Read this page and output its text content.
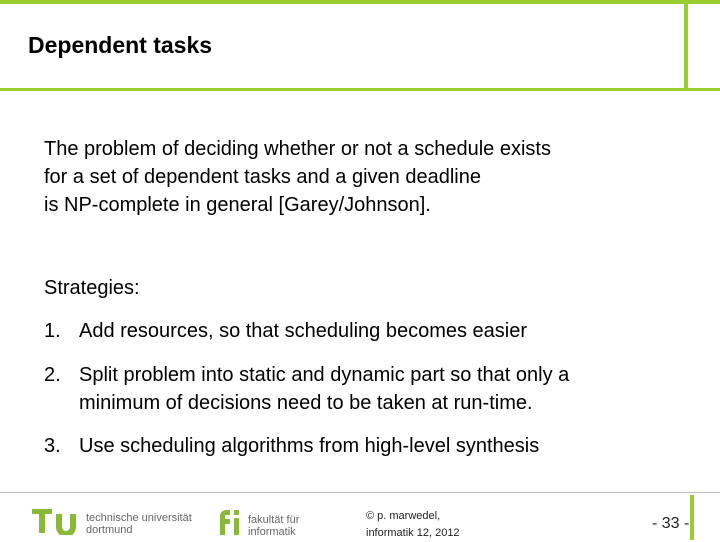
Dependent tasks
The problem of deciding whether or not a schedule exists
for a set of dependent tasks and a given deadline
is NP-complete in general [Garey/Johnson].
Strategies:
1. Add resources, so that scheduling becomes easier
2. Split problem into static and dynamic part so that only a
minimum of decisions need to be taken at run-time.
3. Use scheduling algorithms from high-level synthesis
technische universität
dortmund
fakultät für
informatik
© p. marwedel,
informatik 12, 2012
- 33 -
